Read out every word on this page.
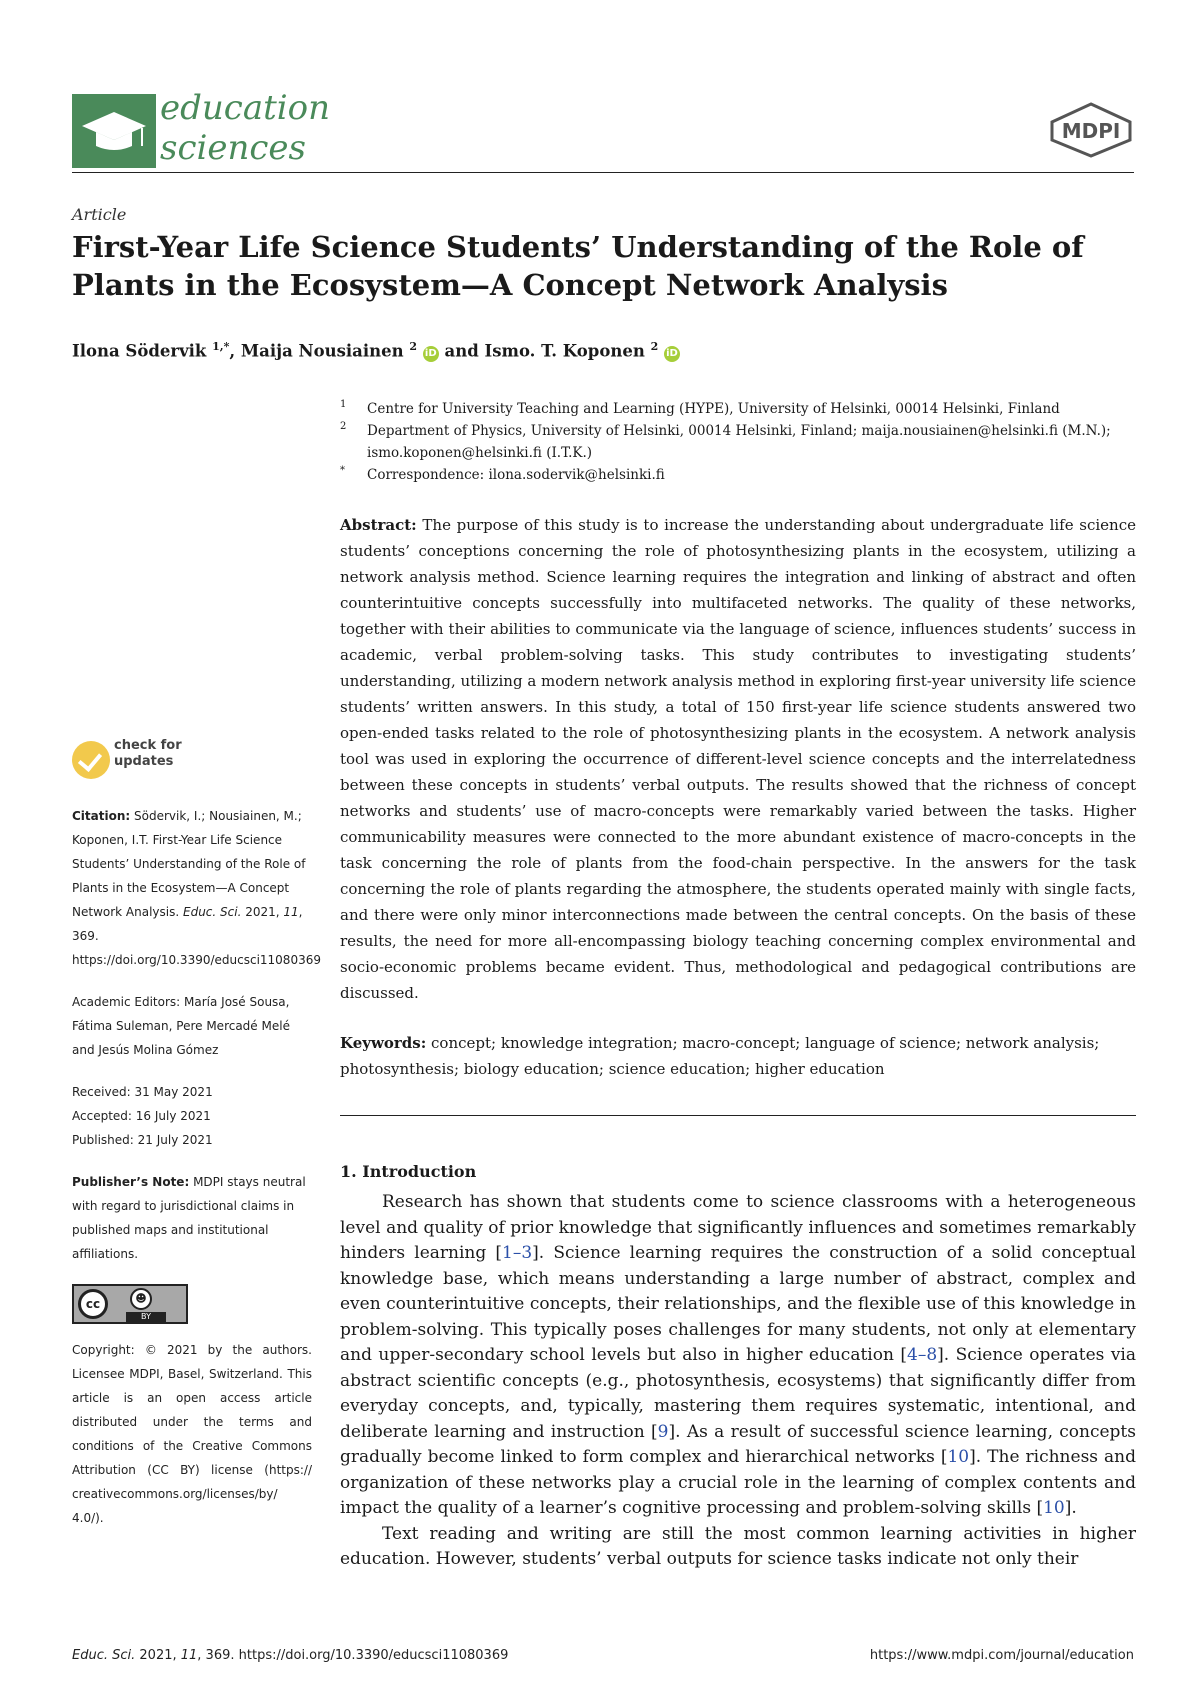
education
sciences	MDPI
Article
First-Year Life Science Students’ Understanding of the Role of Plants in the Ecosystem—A Concept Network Analysis
Ilona Södervik $^{1,*}$, Maija Nousiainen $^2$ iD and Ismo. T. Koponen $^2$ iD
1 Centre for University Teaching and Learning (HYPE), University of Helsinki, 00014 Helsinki, Finland
2 Department of Physics, University of Helsinki, 00014 Helsinki, Finland; maija.nousiainen@helsinki.fi (M.N.); ismo.koponen@helsinki.fi (I.T.K.)
* Correspondence: ilona.sodervik@helsinki.fi
Abstract: The purpose of this study is to increase the understanding about undergraduate life science students’ conceptions concerning the role of photosynthesizing plants in the ecosystem, utilizing a network analysis method. Science learning requires the integration and linking of abstract and often counterintuitive concepts successfully into multifaceted networks. The quality of these networks, together with their abilities to communicate via the language of science, influences students’ success in academic, verbal problem-solving tasks. This study contributes to investigating students’ understanding, utilizing a modern network analysis method in exploring first-year university life science students’ written answers. In this study, a total of 150 first-year life science students answered two open-ended tasks related to the role of photosynthesizing plants in the ecosystem. A network analysis tool was used in exploring the occurrence of different-level science concepts and the interrelatedness between these concepts in students’ verbal outputs. The results showed that the richness of concept networks and students’ use of macro-concepts were remarkably varied between the tasks. Higher communicability measures were connected to the more abundant existence of macro-concepts in the task concerning the role of plants from the food-chain perspective. In the answers for the task concerning the role of plants regarding the atmosphere, the students operated mainly with single facts, and there were only minor interconnections made between the central concepts. On the basis of these results, the need for more all-encompassing biology teaching concerning complex environmental and socio-economic problems became evident. Thus, methodological and pedagogical contributions are discussed.
Keywords: concept; knowledge integration; macro-concept; language of science; network analysis; photosynthesis; biology education; science education; higher education
1. Introduction

Research has shown that students come to science classrooms with a heterogeneous level and quality of prior knowledge that significantly influences and sometimes remarkably hinders learning [1–3]. Science learning requires the construction of a solid conceptual knowledge base, which means understanding a large number of abstract, complex and even counterintuitive concepts, their relationships, and the flexible use of this knowledge in problem-solving. This typically poses challenges for many students, not only at elementary and upper-secondary school levels but also in higher education [4–8]. Science operates via abstract scientific concepts (e.g., photosynthesis, ecosystems) that significantly differ from everyday concepts, and, typically, mastering them requires systematic, intentional, and deliberate learning and instruction [9]. As a result of successful science learning, concepts gradually become linked to form complex and hierarchical networks [10]. The richness and organization of these networks play a crucial role in the learning of complex contents and impact the quality of a learner’s cognitive processing and problem-solving skills [10].

Text reading and writing are still the most common learning activities in higher education. However, students’ verbal outputs for science tasks indicate not only their

check for
updates
Citation: Södervik, I.; Nousiainen, M.; Koponen, I.T. First-Year Life Science Students’ Understanding of the Role of Plants in the Ecosystem—A Concept Network Analysis. Educ. Sci. 2021, 11, 369. https://doi.org/10.3390/educsci11080369
Academic Editors: María José Sousa, Fátima Suleman, Pere Mercadé Melé and Jesús Molina Gómez
Received: 31 May 2021
Accepted: 16 July 2021
Published: 21 July 2021
Publisher’s Note: MDPI stays neutral with regard to jurisdictional claims in published maps and institutional affiliations.
cc	☻
BY
Copyright: © 2021 by the authors. Licensee MDPI, Basel, Switzerland. This article is an open access article distributed under the terms and conditions of the Creative Commons Attribution (CC BY) license (https:// creativecommons.org/licenses/by/ 4.0/).
Educ. Sci. 2021, 11, 369. https://doi.org/10.3390/educsci11080369	https://www.mdpi.com/journal/education
